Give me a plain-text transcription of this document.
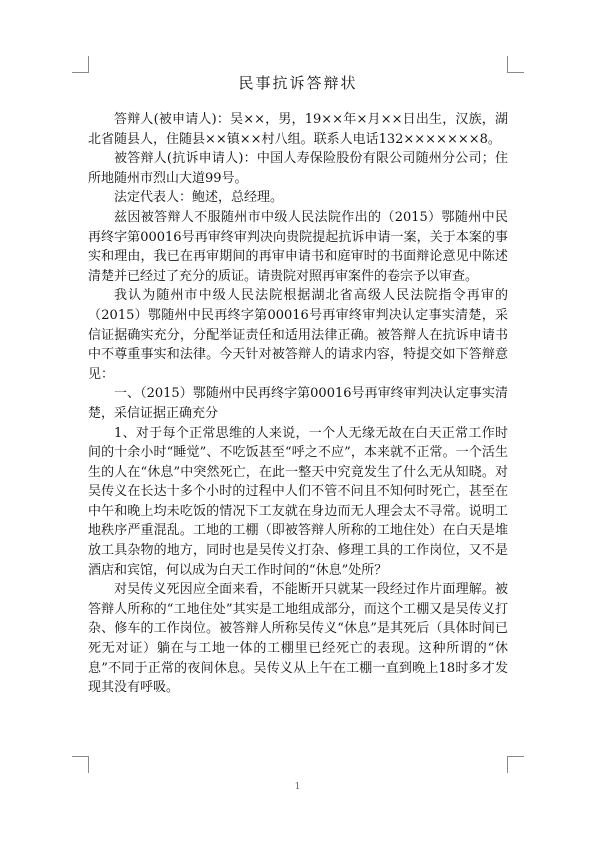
民事抗诉答辩状

答辩人(被申请人)：吴××，男，19××年×月××日出生，汉族，湖北省随县人，住随县××镇××村八组。联系人电话132×××××××8。

被答辩人(抗诉申请人)：中国人寿保险股份有限公司随州分公司；住所地随州市烈山大道99号。

法定代表人：鲍述，总经理。

兹因被答辩人不服随州市中级人民法院作出的（2015）鄂随州中民再终字第00016号再审终审判决向贵院提起抗诉申请一案，关于本案的事实和理由，我已在再审期间的再审申请书和庭审时的书面辩论意见中陈述清楚并已经过了充分的质证。请贵院对照再审案件的卷宗予以审查。

我认为随州市中级人民法院根据湖北省高级人民法院指令再审的（2015）鄂随州中民再终字第00016号再审终审判决认定事实清楚，采信证据确实充分，分配举证责任和适用法律正确。被答辩人在抗诉申请书中不尊重事实和法律。今天针对被答辩人的请求内容，特提交如下答辩意见：

一、（2015）鄂随州中民再终字第00016号再审终审判决认定事实清楚，采信证据正确充分

1、对于每个正常思维的人来说，一个人无缘无故在白天正常工作时间的十余小时“睡觉”、不吃饭甚至“呼之不应”，本来就不正常。一个活生生的人在“休息”中突然死亡，在此一整天中究竟发生了什么无从知晓。对吴传义在长达十多个小时的过程中人们不管不问且不知何时死亡，甚至在中午和晚上均未吃饭的情况下工友就在身边而无人理会太不寻常。说明工地秩序严重混乱。工地的工棚（即被答辩人所称的工地住处）在白天是堆放工具杂物的地方，同时也是吴传义打杂、修理工具的工作岗位，又不是酒店和宾馆，何以成为白天工作时间的“休息”处所？

对吴传义死因应全面来看，不能断开只就某一段经过作片面理解。被答辩人所称的“工地住处”其实是工地组成部分，而这个工棚又是吴传义打杂、修车的工作岗位。被答辩人所称吴传义“休息”是其死后（具体时间已死无对证）躺在与工地一体的工棚里已经死亡的表现。这种所谓的“休息”不同于正常的夜间休息。吴传义从上午在工棚一直到晚上18时多才发现其没有呼吸。

1
